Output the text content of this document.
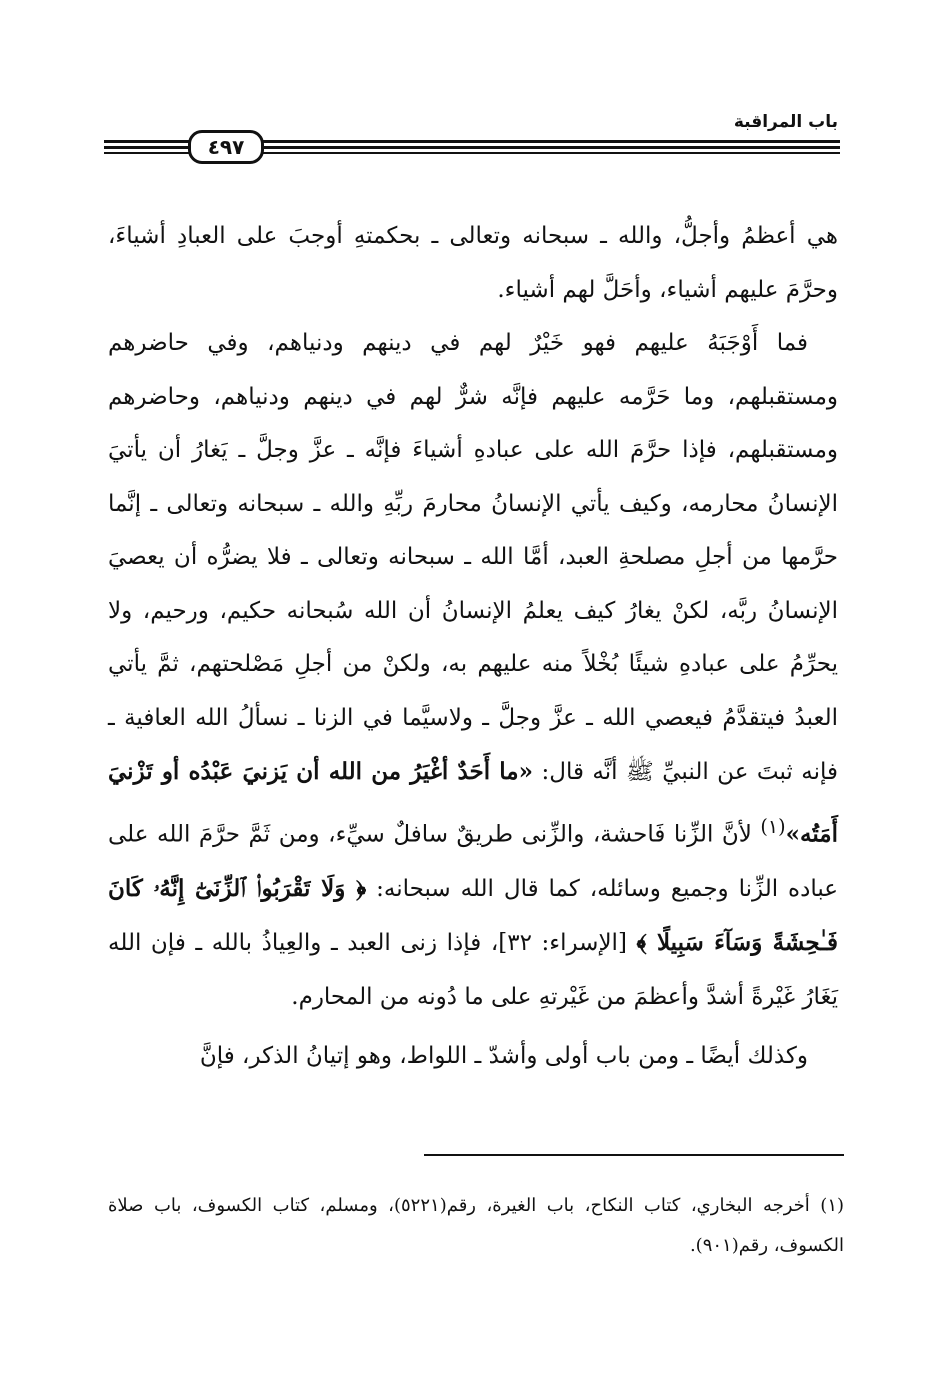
باب المراقبة
٤٩٧

هي أعظمُ وأجلُّ، والله ـ سبحانه وتعالى ـ بحكمتهِ أوجبَ على العبادِ أشياءَ، وحرَّمَ عليهم أشياء، وأحَلَّ لهم أشياء.

فما أَوْجَبَهُ عليهم فهو خَيْرٌ لهم في دينهم ودنياهم، وفي حاضرهم ومستقبلهم، وما حَرَّمه عليهم فإنَّه شرٌّ لهم في دينهم ودنياهم، وحاضرهم ومستقبلهم، فإذا حرَّمَ الله على عبادهِ أشياءَ فإنَّه ـ عزَّ وجلَّ ـ يَغارُ أن يأتيَ الإنسانُ محارمه، وكيف يأتي الإنسانُ محارمَ ربِّهِ والله ـ سبحانه وتعالى ـ إنَّما حرَّمها من أجلِ مصلحةِ العبد، أمَّا الله ـ سبحانه وتعالى ـ فلا يضرُّه أن يعصيَ الإنسانُ ربَّه، لكنْ يغارُ كيف يعلمُ الإنسانُ أن الله سُبحانه حكيم، ورحيم، ولا يحرِّمُ على عبادهِ شيئًا بُخْلاً منه عليهم به، ولكنْ من أجلِ مَصْلحتهم، ثمَّ يأتي العبدُ فيتقدَّمُ فيعصي الله ـ عزَّ وجلَّ ـ ولاسيَّما في الزنا ـ نسألُ الله العافية ـ فإنه ثبتَ عن النبيِّ ﷺ أنَّه قال: «ما أَحَدٌ أغْيَرُ من الله أن يَزنيَ عَبْدُه أو تَزْنيَ أَمَتُه»$^{(١)}$ لأنَّ الزِّنا فَاحشة، والزِّنى طريقٌ سافلٌ سيِّء، ومن ثَمَّ حرَّمَ الله على عباده الزِّنا وجميع وسائله، كما قال الله سبحانه: ﴿ وَلَا تَقْرَبُوا۟ ٱلزِّنَىٰٓ إِنَّهُۥ كَانَ فَـٰحِشَةً وَسَآءَ سَبِيلًا ﴾ [الإسراء: ٣٢]، فإذا زنى العبد ـ والعِياذُ بالله ـ فإن الله يَغَارُ غَيْرةً أشدَّ وأعظمَ من غَيْرتهِ على ما دُونه من المحارم.

وكذلك أيضًا ـ ومن باب أولى وأشدّ ـ اللواط، وهو إتيانُ الذكر، فإنَّ

(١) أخرجه البخاري، كتاب النكاح، باب الغيرة، رقم(٥٢٢١)، ومسلم، كتاب الكسوف، باب صلاة الكسوف، رقم(٩٠١).
